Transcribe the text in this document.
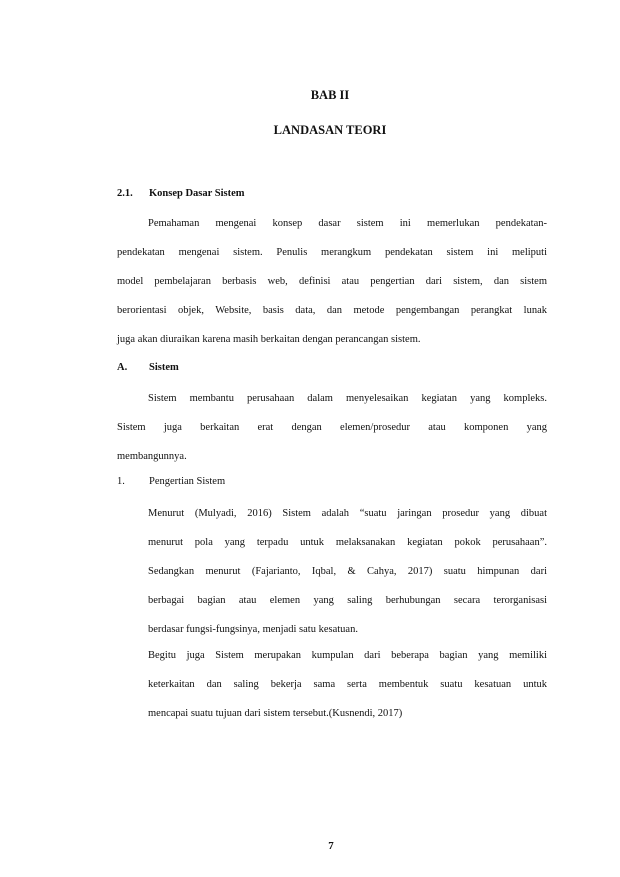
BAB II

LANDASAN TEORI

2.1. Konsep Dasar Sistem

Pemahaman mengenai konsep dasar sistem ini memerlukan pendekatan-
pendekatan mengenai sistem. Penulis merangkum pendekatan sistem ini meliputi
model pembelajaran berbasis web, definisi atau pengertian dari sistem, dan sistem
berorientasi objek, Website, basis data, dan metode pengembangan perangkat lunak
juga akan diuraikan karena masih berkaitan dengan perancangan sistem.

A. Sistem

Sistem membantu perusahaan dalam menyelesaikan kegiatan yang kompleks.
Sistem juga berkaitan erat dengan elemen/prosedur atau komponen yang
membangunnya.

1. Pengertian Sistem

Menurut (Mulyadi, 2016) Sistem adalah “suatu jaringan prosedur yang dibuat
menurut pola yang terpadu untuk melaksanakan kegiatan pokok perusahaan”.
Sedangkan menurut (Fajarianto, Iqbal, & Cahya, 2017) suatu himpunan dari
berbagai bagian atau elemen yang saling berhubungan secara terorganisasi
berdasar fungsi-fungsinya, menjadi satu kesatuan.

Begitu juga Sistem merupakan kumpulan dari beberapa bagian yang memiliki
keterkaitan dan saling bekerja sama serta membentuk suatu kesatuan untuk
mencapai suatu tujuan dari sistem tersebut.(Kusnendi, 2017)

7
